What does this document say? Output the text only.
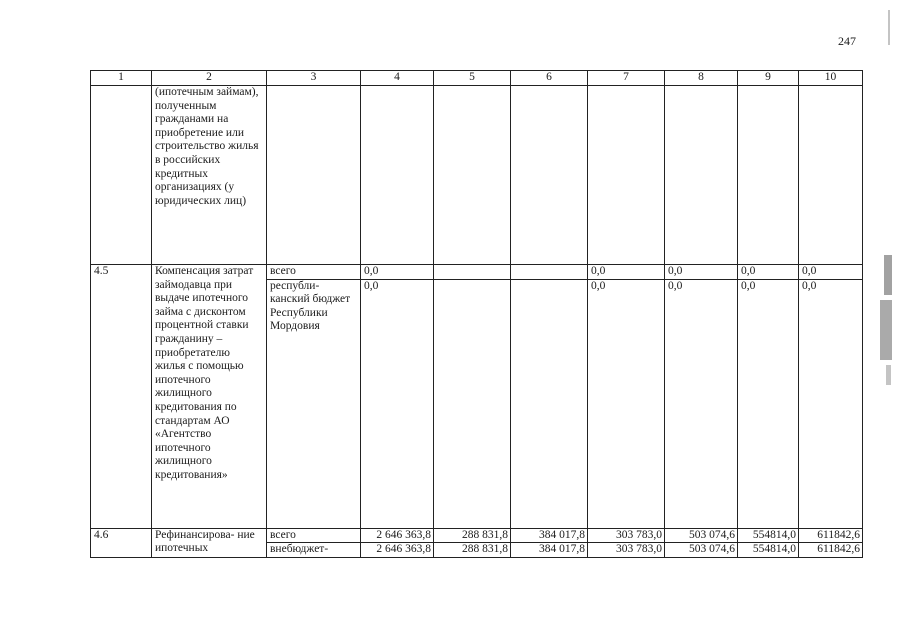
247
1	2	3	4	5	6	7	8	9	10
	(ипотечным займам), полученным гражданами на приобретение или строительство жилья в российских кредитных организациях (у юридических лиц)								
4.5	Компенсация затрат займодавца при выдаче ипотечного займа с дисконтом процентной ставки гражданину – приобретателю жилья с помощью ипотечного жилищного кредитования по стандартам АО «Агентство ипотечного жилищного кредитования»	всего	0,0			0,0	0,0	0,0	0,0
		республи- канский бюджет Республики Мордовия	0,0			0,0	0,0	0,0	0,0
4.6	Рефинансирова- ние ипотечных	всего	2 646 363,8	288 831,8	384 017,8	303 783,0	503 074,6	554814,0	611842,6
		внебюджет-	2 646 363,8	288 831,8	384 017,8	303 783,0	503 074,6	554814,0	611842,6
